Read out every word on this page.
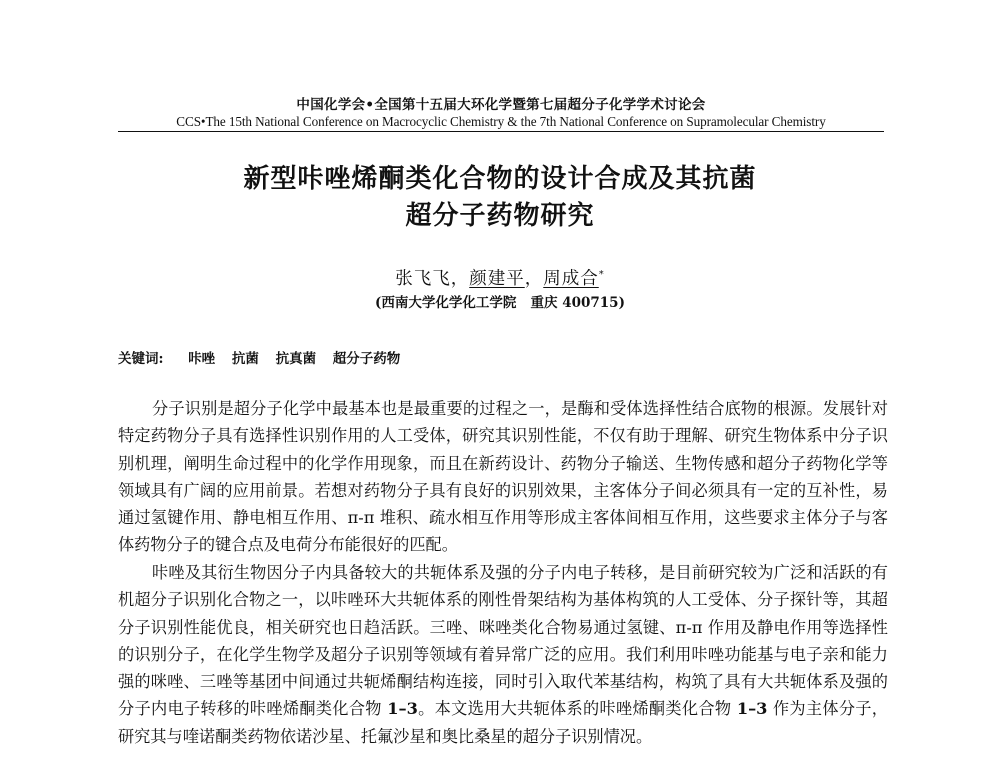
中国化学会•全国第十五届大环化学暨第七届超分子化学学术讨论会
CCS•The 15th National Conference on Macrocyclic Chemistry & the 7th National Conference on Supramolecular Chemistry
新型咔唑烯酮类化合物的设计合成及其抗菌
超分子药物研究
张飞飞，颜建平，周成合*
(西南大学化学化工学院   重庆 400715)
关键词: 咔唑 抗菌 抗真菌 超分子药物

分子识别是超分子化学中最基本也是最重要的过程之一，是酶和受体选择性结合底物的根源。发展针对特定药物分子具有选择性识别作用的人工受体，研究其识别性能，不仅有助于理解、研究生物体系中分子识别机理，阐明生命过程中的化学作用现象，而且在新药设计、药物分子输送、生物传感和超分子药物化学等领域具有广阔的应用前景。若想对药物分子具有良好的识别效果，主客体分子间必须具有一定的互补性，易通过氢键作用、静电相互作用、π-π 堆积、疏水相互作用等形成主客体间相互作用，这些要求主体分子与客体药物分子的键合点及电荷分布能很好的匹配。

咔唑及其衍生物因分子内具备较大的共轭体系及强的分子内电子转移，是目前研究较为广泛和活跃的有机超分子识别化合物之一，以咔唑环大共轭体系的刚性骨架结构为基体构筑的人工受体、分子探针等，其超分子识别性能优良，相关研究也日趋活跃。三唑、咪唑类化合物易通过氢键、π-π 作用及静电作用等选择性的识别分子，在化学生物学及超分子识别等领域有着异常广泛的应用。我们利用咔唑功能基与电子亲和能力强的咪唑、三唑等基团中间通过共轭烯酮结构连接，同时引入取代苯基结构，构筑了具有大共轭体系及强的分子内电子转移的咔唑烯酮类化合物 1–3。本文选用大共轭体系的咔唑烯酮类化合物 1–3 作为主体分子，研究其与喹诺酮类药物依诺沙星、托氟沙星和奥比桑星的超分子识别情况。
